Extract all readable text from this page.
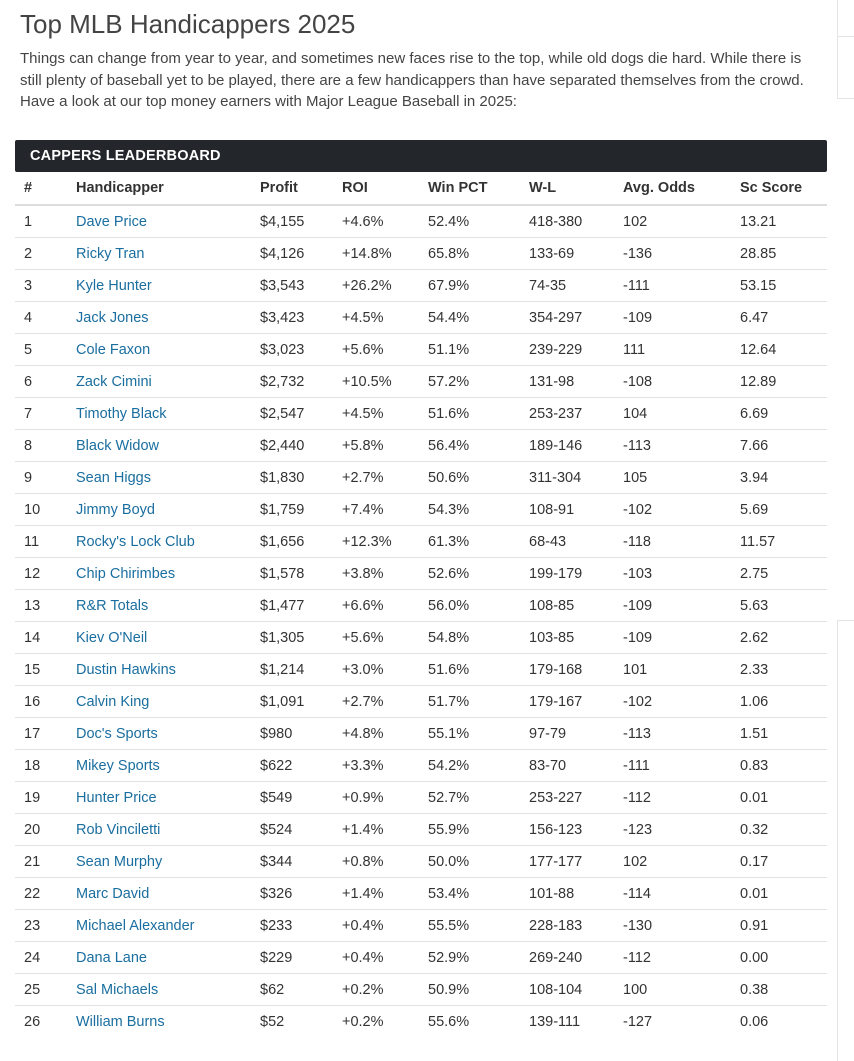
Top MLB Handicappers 2025

Things can change from year to year, and sometimes new faces rise to the top, while old dogs die hard. While there is still plenty of baseball yet to be played, there are a few handicappers than have separated themselves from the crowd. Have a look at our top money earners with Major League Baseball in 2025:

CAPPERS LEADERBOARD
#	Handicapper	Profit	ROI	Win PCT	W-L	Avg. Odds	Sc Score
1	Dave Price	$4,155	+4.6%	52.4%	418-380	102	13.21
2	Ricky Tran	$4,126	+14.8%	65.8%	133-69	-136	28.85
3	Kyle Hunter	$3,543	+26.2%	67.9%	74-35	-111	53.15
4	Jack Jones	$3,423	+4.5%	54.4%	354-297	-109	6.47
5	Cole Faxon	$3,023	+5.6%	51.1%	239-229	111	12.64
6	Zack Cimini	$2,732	+10.5%	57.2%	131-98	-108	12.89
7	Timothy Black	$2,547	+4.5%	51.6%	253-237	104	6.69
8	Black Widow	$2,440	+5.8%	56.4%	189-146	-113	7.66
9	Sean Higgs	$1,830	+2.7%	50.6%	311-304	105	3.94
10	Jimmy Boyd	$1,759	+7.4%	54.3%	108-91	-102	5.69
11	Rocky's Lock Club	$1,656	+12.3%	61.3%	68-43	-118	11.57
12	Chip Chirimbes	$1,578	+3.8%	52.6%	199-179	-103	2.75
13	R&R Totals	$1,477	+6.6%	56.0%	108-85	-109	5.63
14	Kiev O'Neil	$1,305	+5.6%	54.8%	103-85	-109	2.62
15	Dustin Hawkins	$1,214	+3.0%	51.6%	179-168	101	2.33
16	Calvin King	$1,091	+2.7%	51.7%	179-167	-102	1.06
17	Doc's Sports	$980	+4.8%	55.1%	97-79	-113	1.51
18	Mikey Sports	$622	+3.3%	54.2%	83-70	-111	0.83
19	Hunter Price	$549	+0.9%	52.7%	253-227	-112	0.01
20	Rob Vinciletti	$524	+1.4%	55.9%	156-123	-123	0.32
21	Sean Murphy	$344	+0.8%	50.0%	177-177	102	0.17
22	Marc David	$326	+1.4%	53.4%	101-88	-114	0.01
23	Michael Alexander	$233	+0.4%	55.5%	228-183	-130	0.91
24	Dana Lane	$229	+0.4%	52.9%	269-240	-112	0.00
25	Sal Michaels	$62	+0.2%	50.9%	108-104	100	0.38
26	William Burns	$52	+0.2%	55.6%	139-111	-127	0.06
